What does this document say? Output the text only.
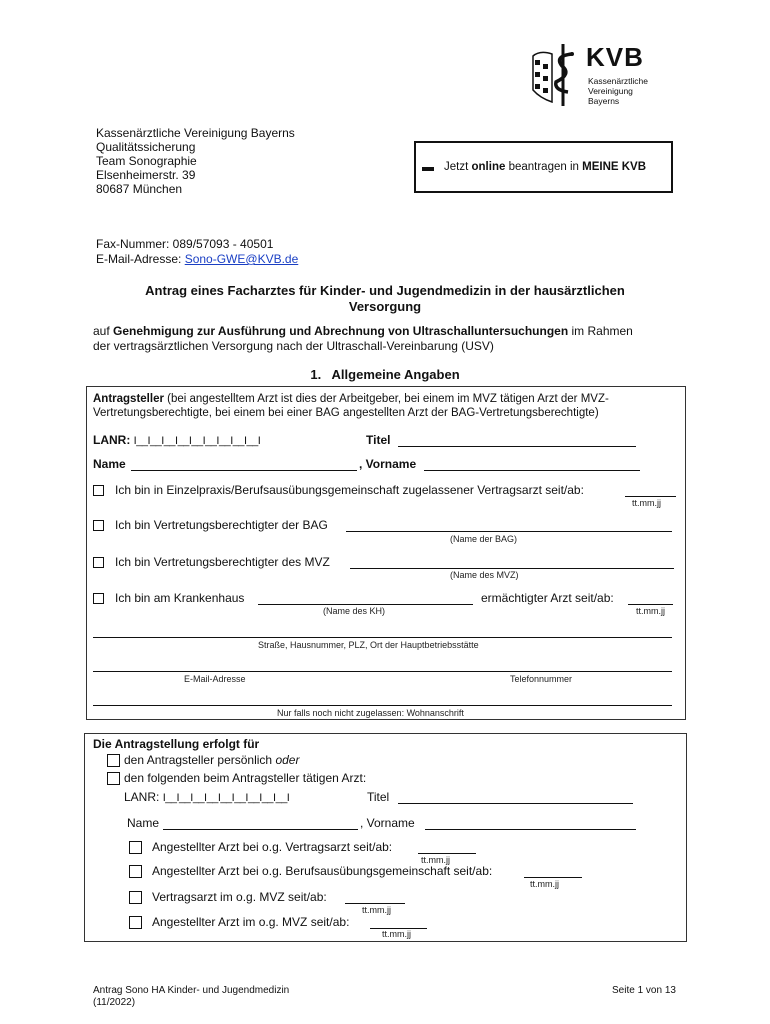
KVB
Kassenärztliche
Vereinigung
Bayerns
Kassenärztliche Vereinigung Bayerns
Qualitätssicherung
Team Sonographie
Elsenheimerstr. 39
80687 München
Jetzt online beantragen in MEINE KVB
Fax-Nummer: 089/57093 - 40501
E-Mail-Adresse: Sono-GWE@KVB.de
Antrag eines Facharztes für Kinder- und Jugendmedizin in der hausärztlichen
Versorgung
auf Genehmigung zur Ausführung und Abrechnung von Ultraschalluntersuchungen im Rahmen
der vertragsärztlichen Versorgung nach der Ultraschall-Vereinbarung (USV)
1.   Allgemeine Angaben
Antragsteller (bei angestelltem Arzt ist dies der Arbeitgeber, bei einem im MVZ tätigen Arzt der MVZ-
Vertretungsberechtigte, bei einem bei einer BAG angestellten Arzt der BAG-Vertretungsberechtigte)
LANR: I__I__I__I__I__I__I__I__I__I	Titel
Name	, Vorname
Ich bin in Einzelpraxis/Berufsausübungsgemeinschaft zugelassener Vertragsarzt seit/ab:
tt.mm.jj
Ich bin Vertretungsberechtigter der BAG
(Name der BAG)
Ich bin Vertretungsberechtigter des MVZ
(Name des MVZ)
Ich bin am Krankenhaus	ermächtigter Arzt seit/ab:
(Name des KH)	tt.mm.jj
Straße, Hausnummer, PLZ, Ort der Hauptbetriebsstätte
E-Mail-Adresse	Telefonnummer
Nur falls noch nicht zugelassen: Wohnanschrift
Die Antragstellung erfolgt für
den Antragsteller persönlich oder
den folgenden beim Antragsteller tätigen Arzt:
LANR: I__I__I__I__I__I__I__I__I__I	Titel
Name	, Vorname
Angestellter Arzt bei o.g. Vertragsarzt seit/ab:
tt.mm.jj
Angestellter Arzt bei o.g. Berufsausübungsgemeinschaft seit/ab:
tt.mm.jj
Vertragsarzt im o.g. MVZ seit/ab:
tt.mm.jj
Angestellter Arzt im o.g. MVZ seit/ab:
tt.mm.jj
Antrag Sono HA Kinder- und Jugendmedizin
(11/2022)
Seite 1 von 13
